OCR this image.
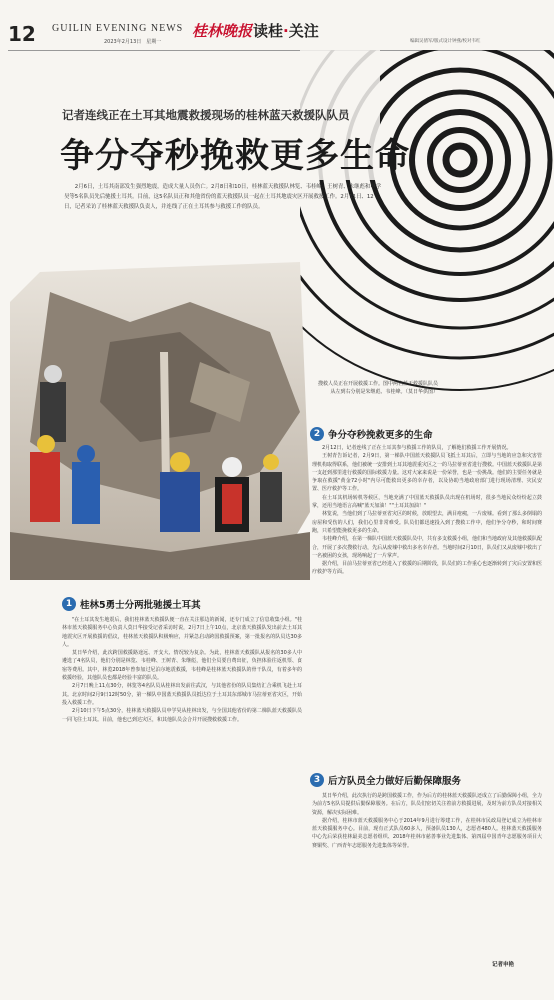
12 GUILIN EVENING NEWS
2023年2月13日　星期一
桂林晚报 读桂·关注
编辑吴倩军/版式设计钟燕/校对韦红
记者连线正在土耳其地震救援现场的桂林蓝天救援队队员
争分夺秒挽救更多生命

2月6日，土耳其南部发生强烈地震，造成大量人员伤亡。2月8日和10日，桂林蓝天救援队林览、韦桂峰、王树青、朱继彪和申学昊等5名队员先后驰援土耳其。目前，这5名队员正和其他省份的蓝天救援队员一起在土耳其地震灾区开展救援工作。2月11日、12日，记者采访了桂林蓝天救援队负责人，并连线了正在土耳其参与救援工作的队员。

搜救人员正在开展救援工作。图中两名蓝天救援队队员从左到右分别是朱继彪、韦桂峰。（莫日华供图）
2 争分夺秒挽救更多的生命

2月12日，记者连线了正在土耳其参与救援工作的队员，了解他们救援工作开展情况。

王树青告诉记者，2月9日，第一梯队中国蓝天救援队员飞抵土耳其后，立即与当地的应急和灾害管理机构取得联系，他们被统一安排到土耳其地震重灾区之一的马拉蒂亚省进行搜救。中国蓝天救援队是第一支赶到那里进行救援的国际救援力量。这对大家来说是一份荣誉，也是一份挑战。他们的主要任务就是争取在救援"黄金72小时"内尽可能救出更多的幸存者，以及协助当地政府部门进行现场清理、灾民安置、医疗救护等工作。

在土耳其机场转机等候区，当地充满了中国蓝天救援队员出现在机场时，很多当地民众纷纷起立鼓掌，还用当地语言高喊"蓝天加油！""土耳其加油！"

林览说，当他们到了马拉蒂亚省灾区的时候，放眼望去，满目疮痍，一片废墟。看到了那么多倒塌的房屋和受伤的人们，我们心里非常难受。队员们都迅速投入到了搜救工作中，他们争分夺秒，和时间赛跑，只希望能挽救更多的生命。

韦桂峰介绍，在第一梯队中国蓝天救援队员中，共有多支救援小组，他们和当地政府及其他救援队配合，开展了多次搜救行动，先后从废墟中救出多名幸存者。当地时间2月10日，队员们又从废墟中救出了一名被困的女孩，现场响起了一片掌声。

据介绍，目前马拉蒂亚省已经进入了救援的后期阶段，队员们的工作重心也逐渐转到了灾后安置和医疗救护等方面。

1 桂林5勇士分两批驰援土耳其

"在土耳其发生地震后，我们桂林蓝天救援队便一直在关注那边的新闻，还专门成立了信息收集小组。"桂林市蓝天救援服务中心负责人莫日华接受记者采访时说，2月7日上午10点，北京蓝天救援队发出前去土耳其地震灾区开展救援的倡议，桂林蓝天救援队积极响应，并紧急启动跨国救援预案，第一批报名的队员达30多人。

莫日华介绍，此次跨国救援路途远、开支大、情况较为复杂。为此，桂林蓝天救援队从报名的30多人中遴选了4名队员，他们分别是林览、韦桂峰、王树青、朱继彪，他们全员要自费出征，负担体验往返机票、食宿等费用。其中，林览2018年曾参加过尼泊尔地震救援，韦桂峰是桂林蓝天救援队的骨干队员，有着多年的救援经验，其他队员也都是经验丰富的队员。

2月7日晚上11点30分，林览等4名队员从桂林出发前往武汉，与其他省份的队员集结汇合乘机飞赴土耳其。北京时间2月9日12时50分，第一梯队中国蓝天救援队员抵达位于土耳其东部城市马拉蒂亚省灾区，开始投入救援工作。

2月10日下午5点30分，桂林蓝天救援队员申学昊从桂林出发，与全国其他省份的第二梯队蓝天救援队员一同飞往土耳其。目前，他也已到达灾区，和其他队员会合并开展搜救救援工作。

3 后方队员全力做好后勤保障服务

莫日华介绍，此次执行的是跨国救援工作，作为后方的桂林蓝天救援队还成立了后勤保障小组，全力为前方5名队员提供后勤保障服务。在后方，队员们密切关注着前方救援进展，及时为前方队员对接相关资源，解决实际困难。

据介绍，桂林市蓝天救援服务中心于2014年9月进行筹建工作，在桂林市民政局登记成立为桂林市蓝天救援服务中心。目前，现有正式队员60多人，预备队员130人，志愿者480人。桂林蓝天救援服务中心先后荣获桂林最美志愿者组织、2018年桂林市慈善事业先进集体、第四届中国青年志愿服务项目大赛铜奖、广西青年志愿服务先进集体等荣誉。

记者申艳
